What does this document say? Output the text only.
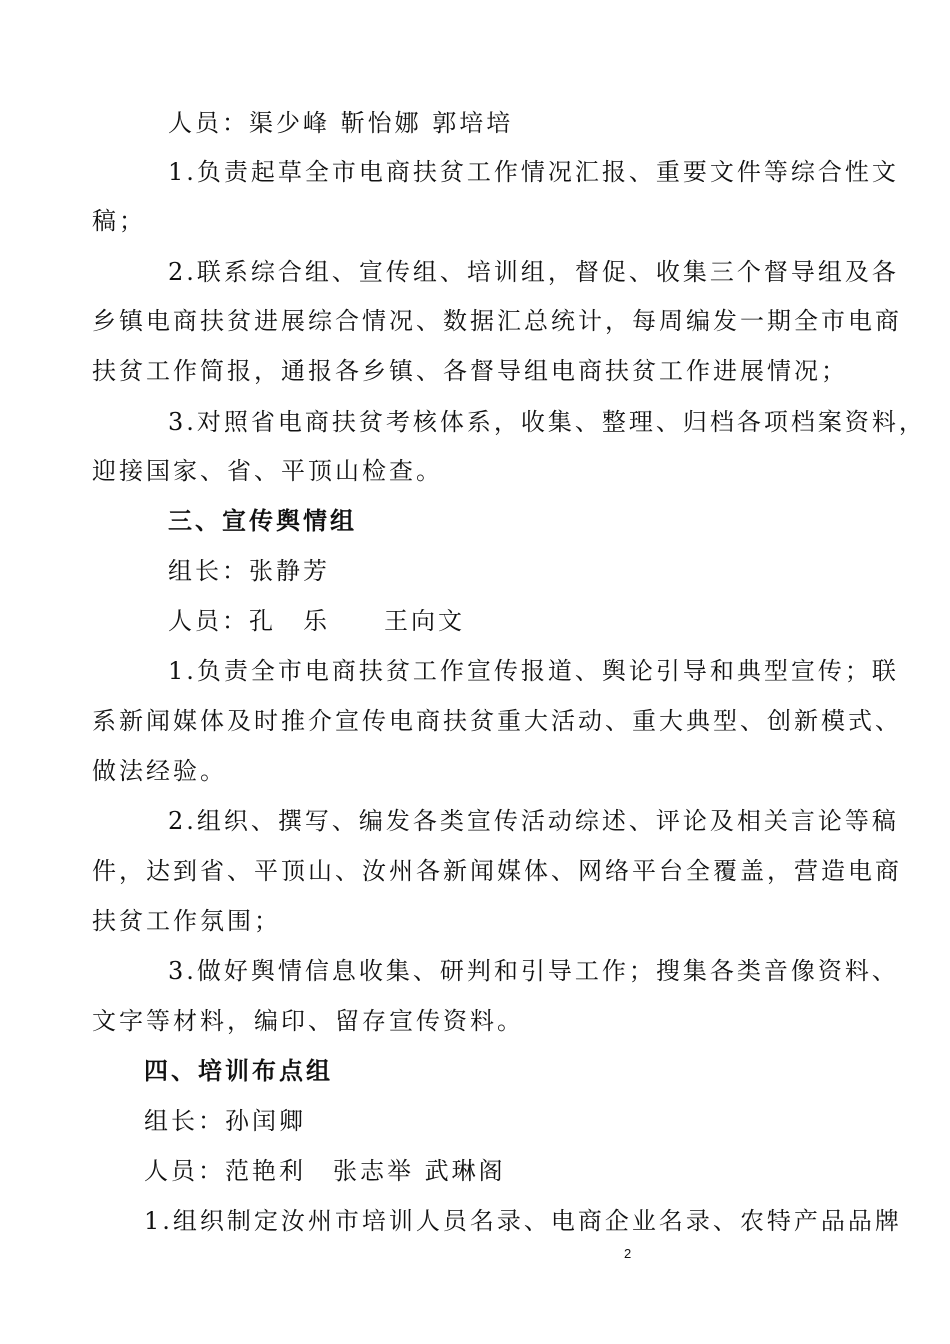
人员：渠少峰 靳怡娜 郭培培
1.负责起草全市电商扶贫工作情况汇报、重要文件等综合性文
稿；
2.联系综合组、宣传组、培训组，督促、收集三个督导组及各
乡镇电商扶贫进展综合情况、数据汇总统计，每周编发一期全市电商
扶贫工作简报，通报各乡镇、各督导组电商扶贫工作进展情况；
3.对照省电商扶贫考核体系，收集、整理、归档各项档案资料，
迎接国家、省、平顶山检查。
三、宣传舆情组
组长：张静芳
人员：孔　乐　　王向文
1.负责全市电商扶贫工作宣传报道、舆论引导和典型宣传；联
系新闻媒体及时推介宣传电商扶贫重大活动、重大典型、创新模式、
做法经验。
2.组织、撰写、编发各类宣传活动综述、评论及相关言论等稿
件，达到省、平顶山、汝州各新闻媒体、网络平台全覆盖，营造电商
扶贫工作氛围；
3.做好舆情信息收集、研判和引导工作；搜集各类音像资料、
文字等材料，编印、留存宣传资料。
四、培训布点组
组长：孙闰卿
人员：范艳利　张志举 武琳阁
1.组织制定汝州市培训人员名录、电商企业名录、农特产品品牌
2
